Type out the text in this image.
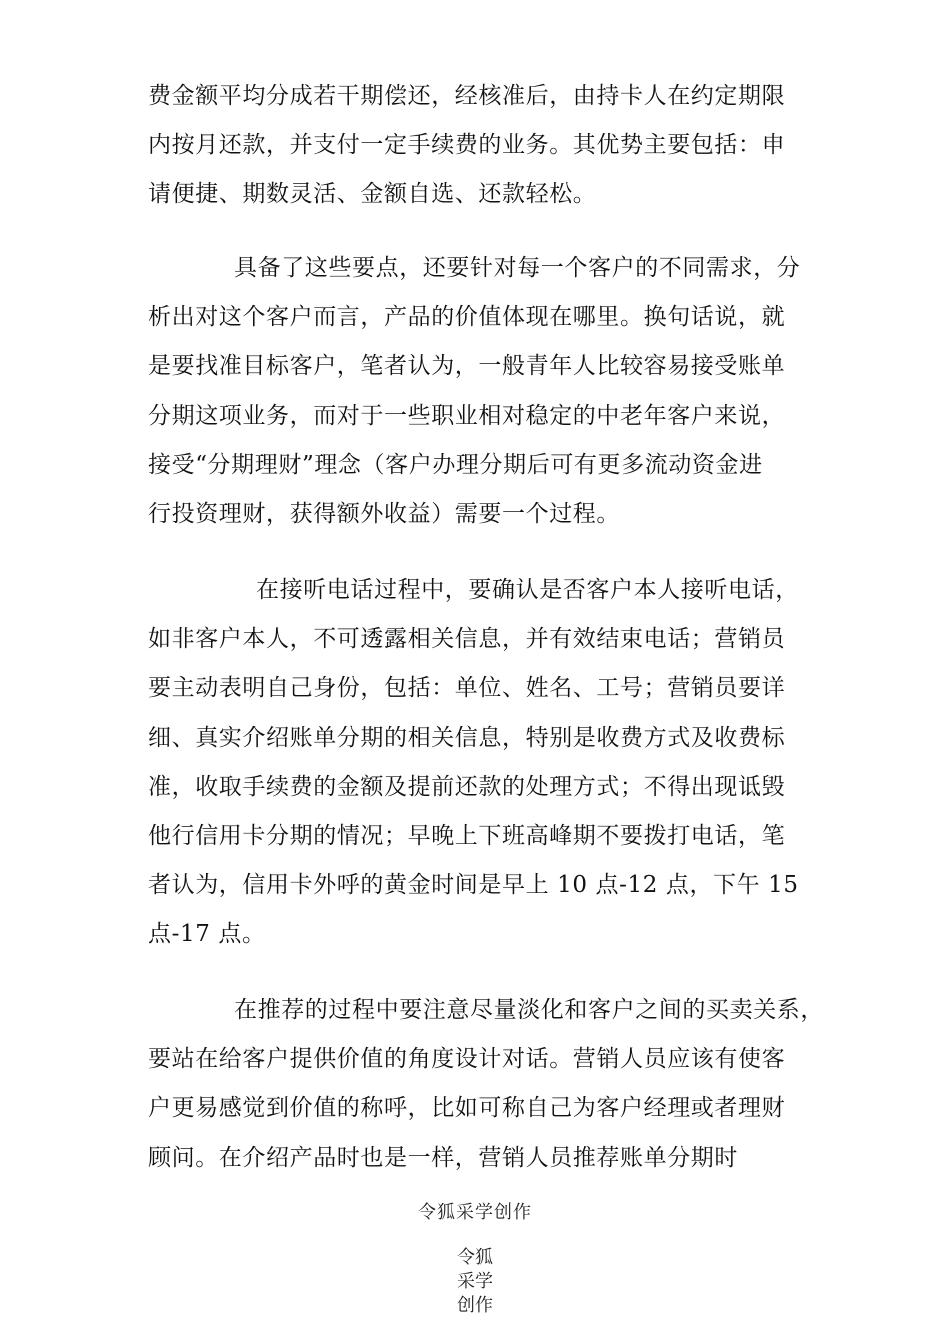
费金额平均分成若干期偿还，经核准后，由持卡人在约定期限
内按月还款，并支付一定手续费的业务。其优势主要包括：申
请便捷、期数灵活、金额自选、还款轻松。
具备了这些要点，还要针对每一个客户的不同需求，分
析出对这个客户而言，产品的价值体现在哪里。换句话说，就
是要找准目标客户，笔者认为，一般青年人比较容易接受账单
分期这项业务，而对于一些职业相对稳定的中老年客户来说，
接受“分期理财”理念（客户办理分期后可有更多流动资金进
行投资理财，获得额外收益）需要一个过程。
在接听电话过程中，要确认是否客户本人接听电话，
如非客户本人，不可透露相关信息，并有效结束电话；营销员
要主动表明自己身份，包括：单位、姓名、工号；营销员要详
细、真实介绍账单分期的相关信息，特别是收费方式及收费标
准，收取手续费的金额及提前还款的处理方式；不得出现诋毁
他行信用卡分期的情况；早晚上下班高峰期不要拨打电话，笔
者认为，信用卡外呼的黄金时间是早上 10 点-12 点，下午 15
点-17 点。
在推荐的过程中要注意尽量淡化和客户之间的买卖关系，
要站在给客户提供价值的角度设计对话。营销人员应该有使客
户更易感觉到价值的称呼，比如可称自己为客户经理或者理财
顾问。在介绍产品时也是一样，营销人员推荐账单分期时
令狐采学创作
令狐
采学
创作
